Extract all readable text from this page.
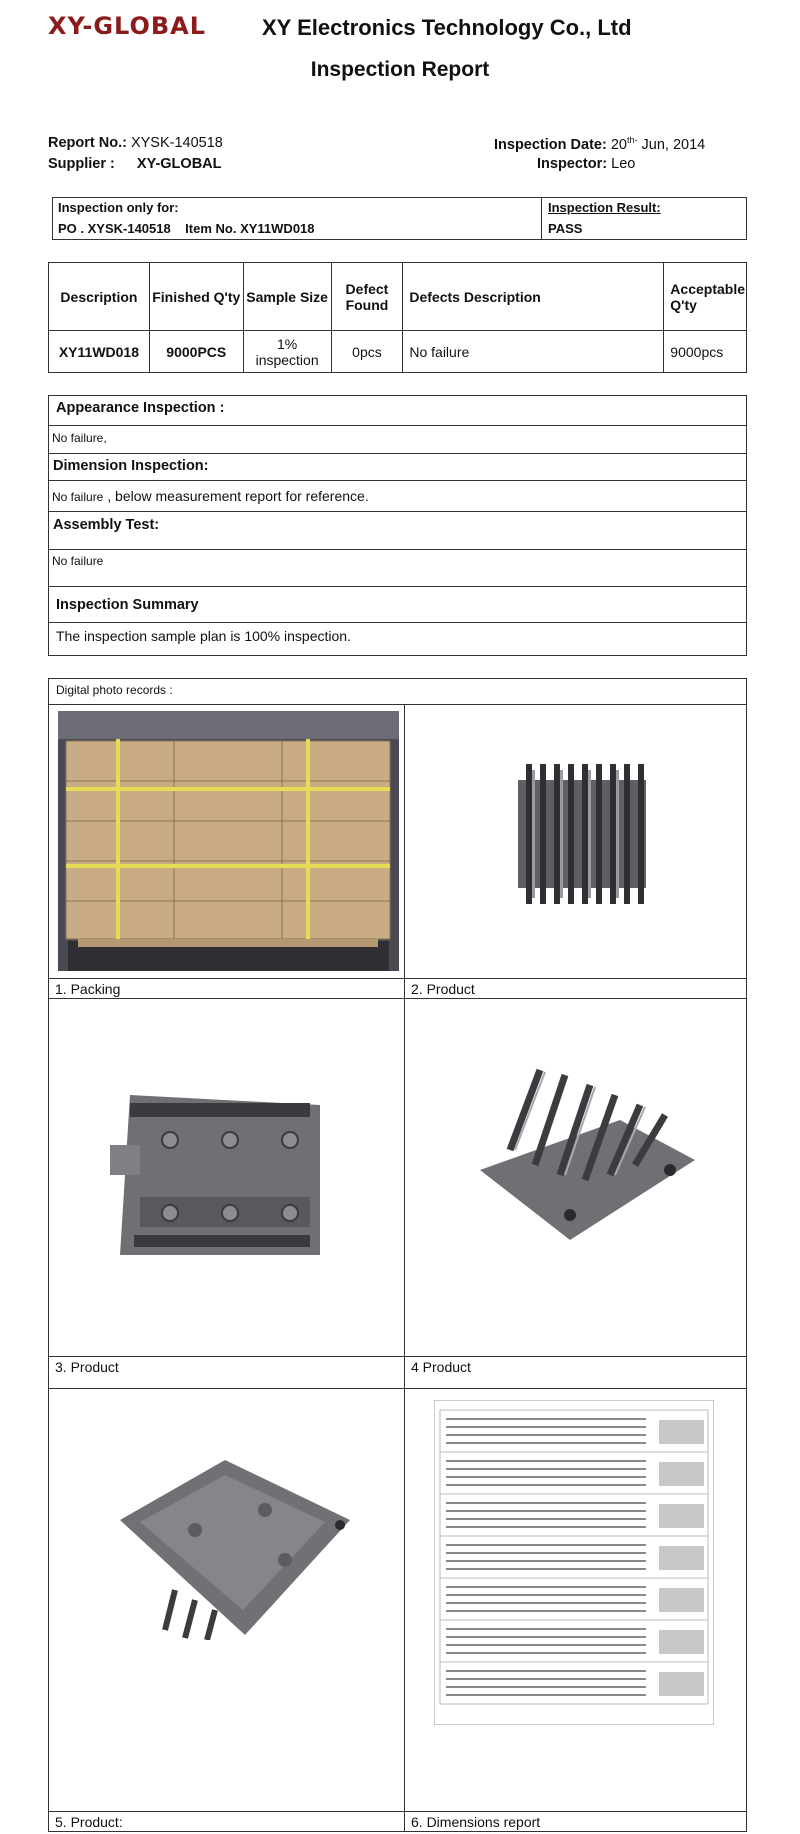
XY-GLOBAL	XY Electronics Technology Co., Ltd
Inspection Report
Report No.: XYSK-140518
Supplier : XY-GLOBAL
Inspection Date: $20^{th-}$ Jun, 2014
Inspector: Leo
Inspection only for:
PO . XYSK-140518    Item No. XY11WD018
Inspection Result:
PASS
Description	Finished Q'ty	Sample Size	Defect Found	Defects Description	Acceptable Q'ty
XY11WD018	9000PCS	1% inspection	0pcs	No failure	9000pcs
Appearance Inspection :
No failure,
Dimension Inspection:
No failure , below measurement report for reference.
Assembly Test:
No failure
Inspection Summary
The inspection sample plan is 100% inspection.
Digital photo records :
1. Packing	2. Product
3. Product	4 Product
5. Product:	6. Dimensions report
